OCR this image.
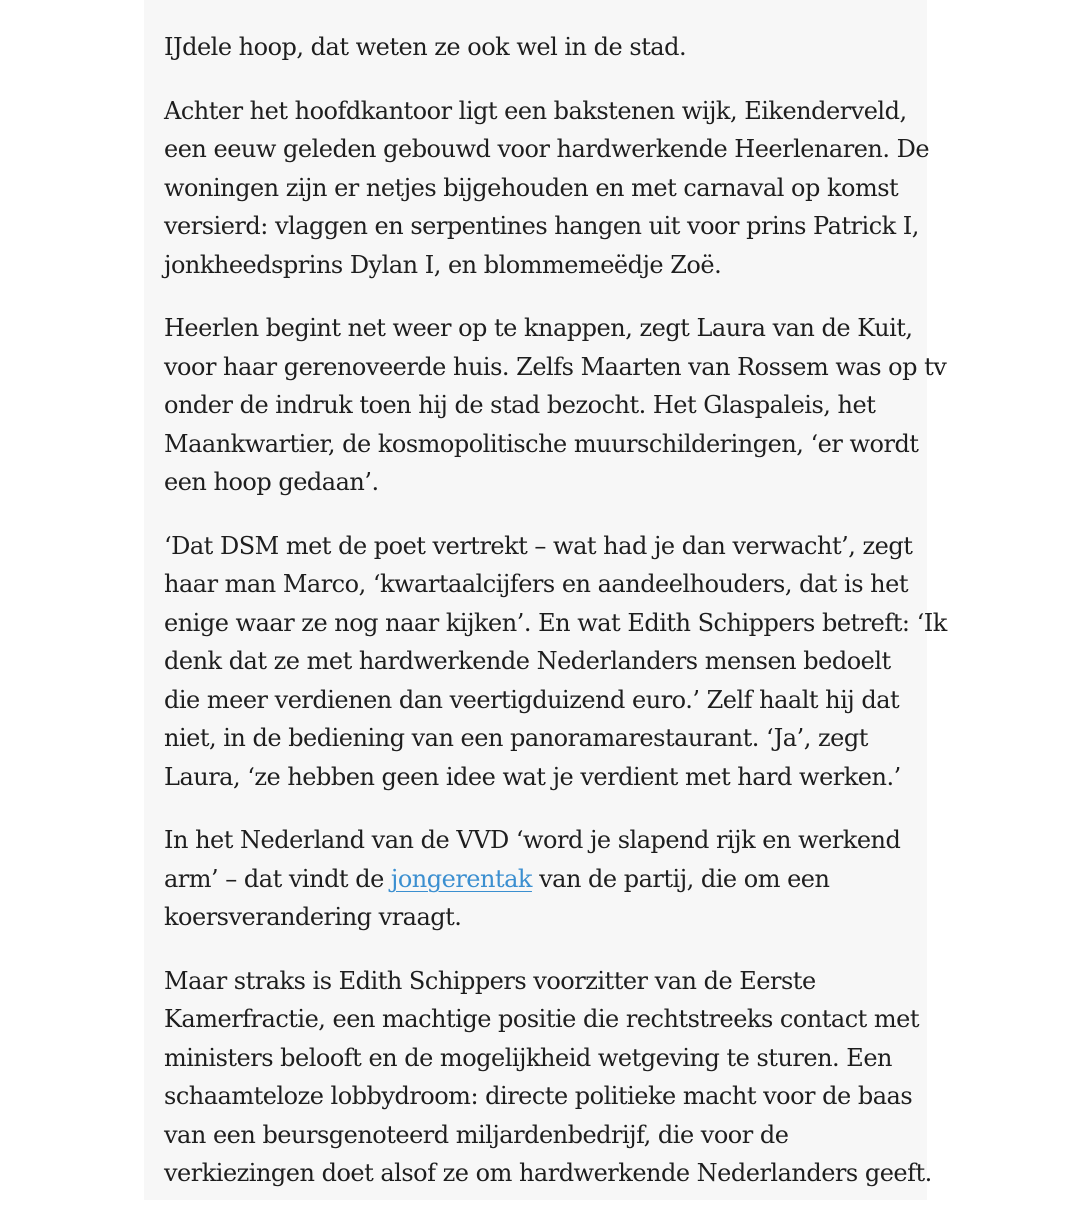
IJdele hoop, dat weten ze ook wel in de stad.

Achter het hoofdkantoor ligt een bakstenen wijk, Eikenderveld,
een eeuw geleden gebouwd voor hardwerkende Heerlenaren. De
woningen zijn er netjes bijgehouden en met carnaval op komst
versierd: vlaggen en serpentines hangen uit voor prins Patrick I,
jonkheedsprins Dylan I, en blommemeëdje Zoë.

Heerlen begint net weer op te knappen, zegt Laura van de Kuit,
voor haar gerenoveerde huis. Zelfs Maarten van Rossem was op tv
onder de indruk toen hij de stad bezocht. Het Glaspaleis, het
Maankwartier, de kosmopolitische muurschilderingen, ‘er wordt
een hoop gedaan’.

‘Dat DSM met de poet vertrekt – wat had je dan verwacht’, zegt
haar man Marco, ‘kwartaalcijfers en aandeelhouders, dat is het
enige waar ze nog naar kijken’. En wat Edith Schippers betreft: ‘Ik
denk dat ze met hardwerkende Nederlanders mensen bedoelt
die meer verdienen dan veertigduizend euro.’ Zelf haalt hij dat
niet, in de bediening van een panoramarestaurant. ‘Ja’, zegt
Laura, ‘ze hebben geen idee wat je verdient met hard werken.’

In het Nederland van de VVD ‘word je slapend rijk en werkend
arm’ – dat vindt de jongerentak van de partij, die om een
koersverandering vraagt.

Maar straks is Edith Schippers voorzitter van de Eerste
Kamerfractie, een machtige positie die rechtstreeks contact met
ministers belooft en de mogelijkheid wetgeving te sturen. Een
schaamteloze lobbydroom: directe politieke macht voor de baas
van een beursgenoteerd miljardenbedrijf, die voor de
verkiezingen doet alsof ze om hardwerkende Nederlanders geeft.
